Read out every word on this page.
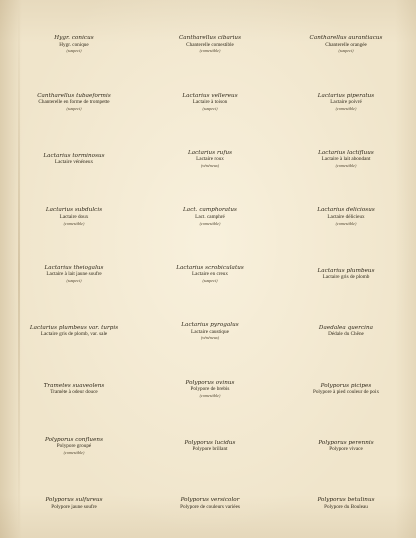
Hygr. conicus
Hygr. conique
(suspect)
Cantharellus cibarius
Chanterelle comestible
(comestible)
Cantharellus aurantiacus
Chanterelle orangée
(suspect)
Cantharellus tubaeformis
Chanterelle en forme de trompette
(suspect)
Lactarius vellereus
Lactaire à toison
(suspect)
Lactarius piperatus
Lactaire poivré
(comestible)
Lactarius torminosus
Lactaire vénéneux
Lactarius rufus
Lactaire roux
(vénéneux)
Lactarius lactifluus
Lactaire à lait abondant
(comestible)
Lactarius subdulcis
Lactaire doux
(comestible)
Lact. camphoratus
Lact. camphré
(comestible)
Lactarius deliciosus
Lactaire délicieux
(comestible)
Lactarius theiogalus
Lactaire à lait jaune soufre
(suspect)
Lactarius scrobiculatus
Lactaire en creux
(suspect)
Lactarius plumbeus
Lactaire gris de plomb
Lactarius plumbeus var. turpis
Lactaire gris de plomb, var. sale
Lactarius pyrogalus
Lactaire caustique
(vénéneux)
Daedalea quercina
Dédale du Chêne
Trametes suaveolens
Tramète à odeur douce
Polyporus ovinus
Polypore de brebis
(comestible)
Polyporus picipes
Polypore à pied couleur de poix
Polyporus confluens
Polypore groupé
(comestible)
Polyporus lucidus
Polypore brillant
Polyporus perennis
Polypore vivace
Polyporus sulfureus
Polypore jaune soufre
Polyporus versicolor
Polypore de couleurs variées
Polyporus betulinus
Polypore du Bouleau
